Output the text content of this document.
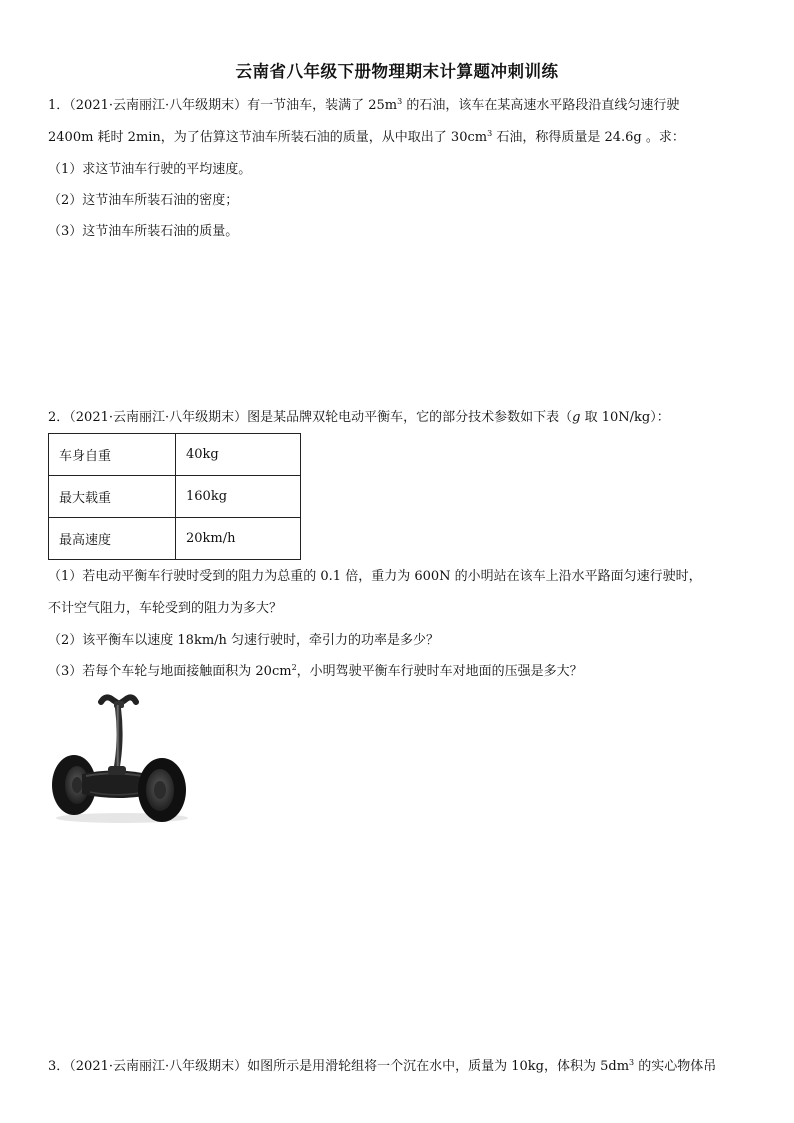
云南省八年级下册物理期末计算题冲刺训练
1．（2021·云南丽江·八年级期末）有一节油车，装满了 $25m^3$ 的石油，该车在某高速水平路段沿直线匀速行驶
2400m 耗时 2min，为了估算这节油车所装石油的质量，从中取出了 $30cm^3$ 石油，称得质量是 24.6g 。求：
（1）求这节油车行驶的平均速度。
（2）这节油车所装石油的密度；
（3）这节油车所装石油的质量。
2．（2021·云南丽江·八年级期末）图是某品牌双轮电动平衡车，它的部分技术参数如下表（g 取 10N/kg）：
车身自重	40kg
最大载重	160kg
最高速度	20km/h
（1）若电动平衡车行驶时受到的阻力为总重的 0.1 倍，重力为 600N 的小明站在该车上沿水平路面匀速行驶时，
不计空气阻力，车轮受到的阻力为多大？
（2）该平衡车以速度 18km/h 匀速行驶时，牵引力的功率是多少？
（3）若每个车轮与地面接触面积为 $20cm^2$，小明驾驶平衡车行驶时车对地面的压强是多大？
3．（2021·云南丽江·八年级期末）如图所示是用滑轮组将一个沉在水中，质量为 10kg，体积为 $5dm^3$ 的实心物体吊
